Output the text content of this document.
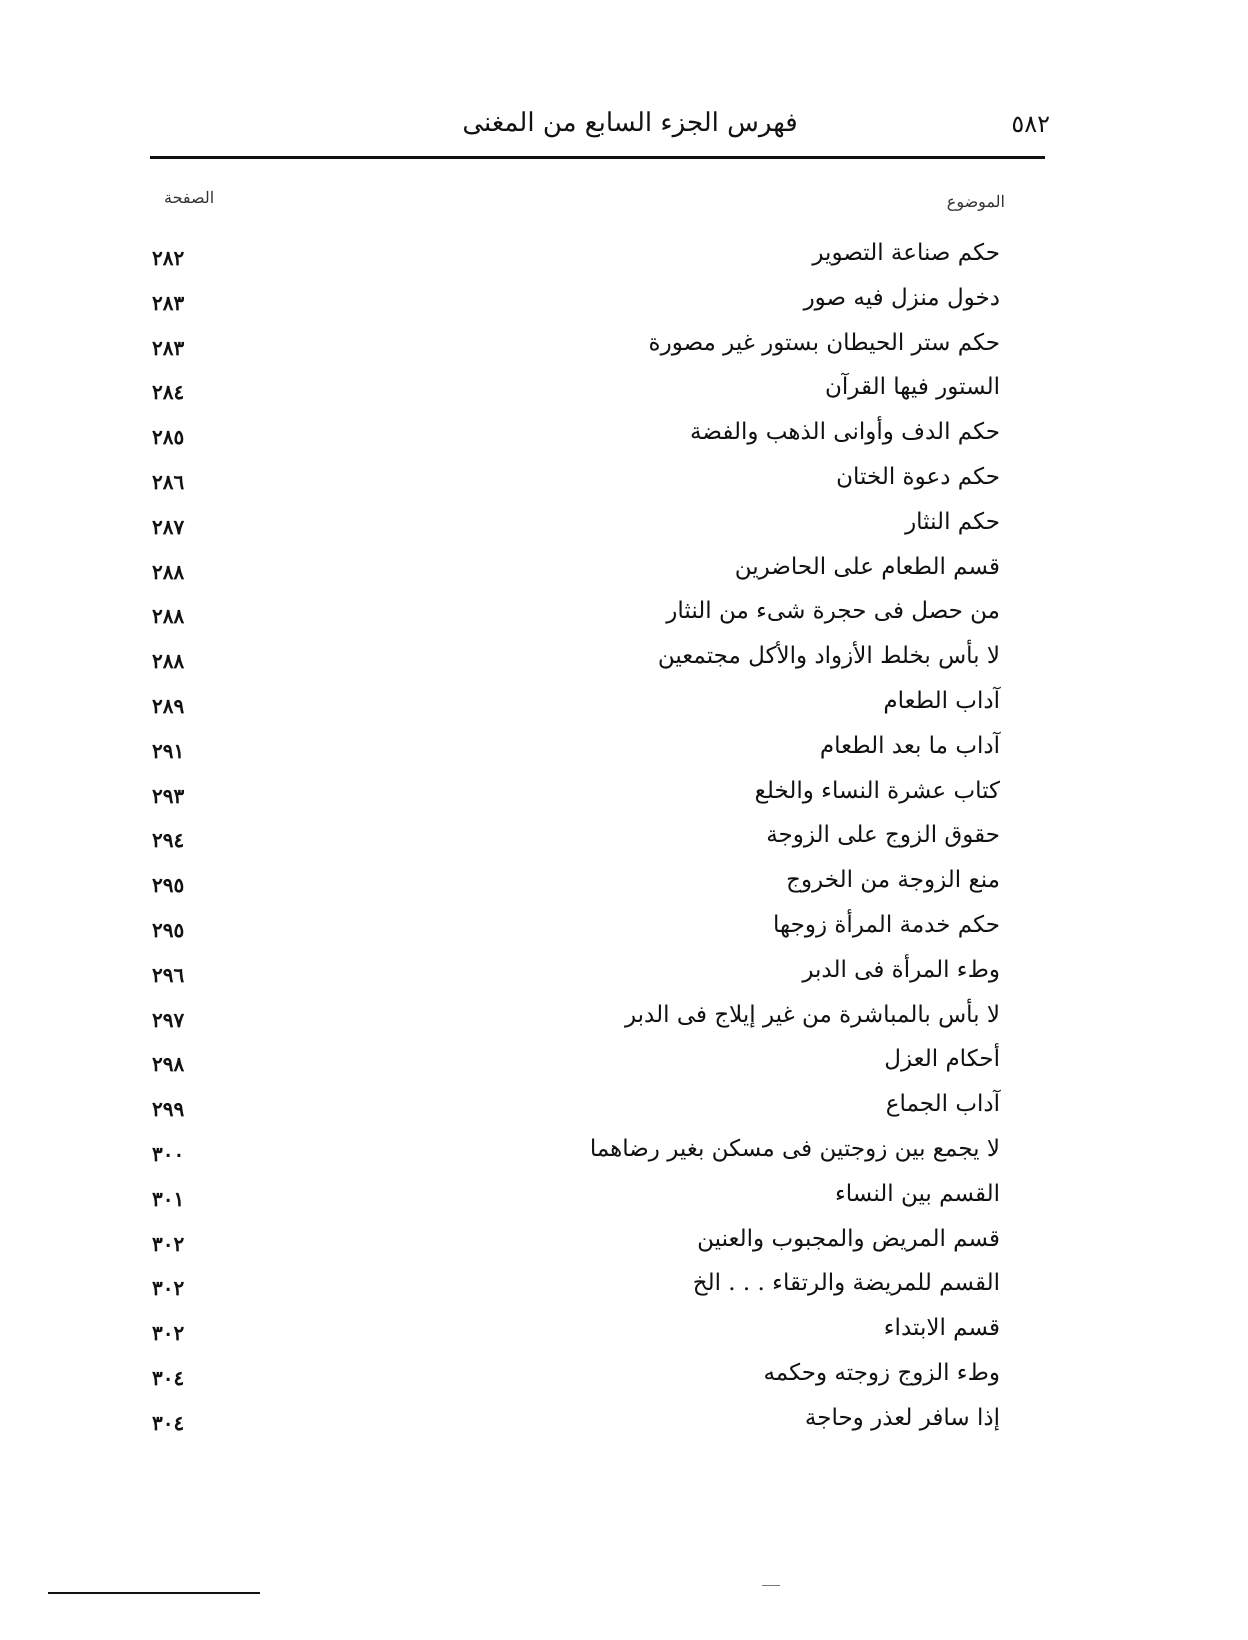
فهرس الجزء السابع من المغنى	٥٨٢
الموضوع
الصفحة
حكم صناعة التصوير
٢٨٢
دخول منزل فيه صور
٢٨٣
حكم ستر الحيطان بستور غير مصورة
٢٨٣
الستور فيها القرآن
٢٨٤
حكم الدف وأوانى الذهب والفضة
٢٨٥
حكم دعوة الختان
٢٨٦
حكم النثار
٢٨٧
قسم الطعام على الحاضرين
٢٨٨
من حصل فى حجرة شىء من النثار
٢٨٨
لا بأس بخلط الأزواد والأكل مجتمعين
٢٨٨
آداب الطعام
٢٨٩
آداب ما بعد الطعام
٢٩١
كتاب عشرة النساء والخلع
٢٩٣
حقوق الزوج على الزوجة
٢٩٤
منع الزوجة من الخروج
٢٩٥
حكم خدمة المرأة زوجها
٢٩٥
وطء المرأة فى الدبر
٢٩٦
لا بأس بالمباشرة من غير إيلاج فى الدبر
٢٩٧
أحكام العزل
٢٩٨
آداب الجماع
٢٩٩
لا يجمع بين زوجتين فى مسكن بغير رضاهما
٣٠٠
القسم بين النساء
٣٠١
قسم المريض والمجبوب والعنين
٣٠٢
القسم للمريضة والرتقاء . . . الخ
٣٠٢
قسم الابتداء
٣٠٢
وطء الزوج زوجته وحكمه
٣٠٤
إذا سافر لعذر وحاجة
٣٠٤
